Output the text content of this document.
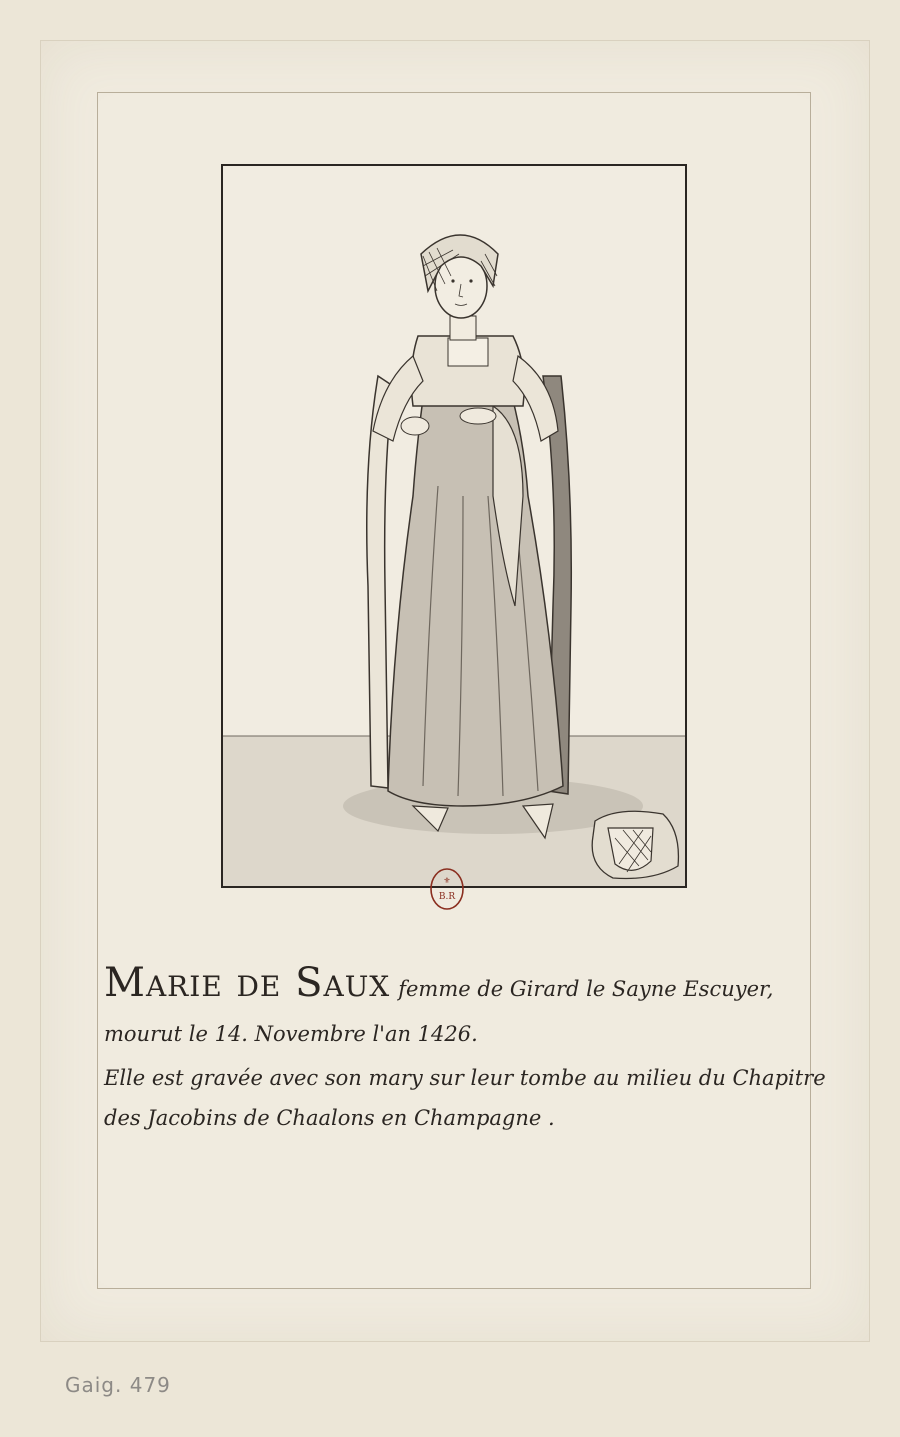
⚜
B.R
Marie de Saux femme de Girard le Sayne Escuyer,
mourut le 14. Novembre l'an 1426.
Elle est gravée avec son mary sur leur tombe au milieu du Chapitre
des Jacobins de Chaalons en Champagne .
Gaig. 479
